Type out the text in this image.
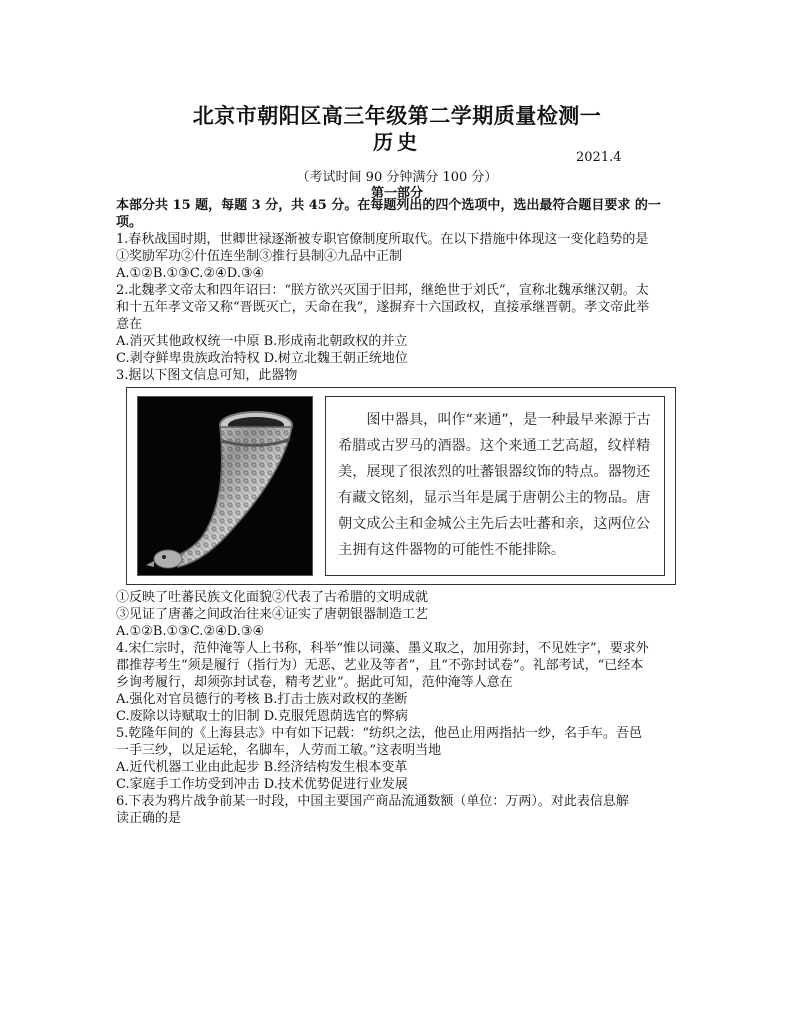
北京市朝阳区高三年级第二学期质量检测一
历史
2021.4
（考试时间 90 分钟满分 100 分）
第一部分

本部分共 15 题，每题 3 分，共 45 分。在每题列出的四个选项中，选出最符合题目要求 的一

项。

1.春秋战国时期，世卿世禄逐渐被专职官僚制度所取代。在以下措施中体现这一变化趋势的是

①奖励军功②什伍连坐制③推行县制④九品中正制

A.①②B.①③C.②④D.③④

2.北魏孝文帝太和四年诏曰：“朕方欲兴灭国于旧邦，继绝世于刘氏”，宣称北魏承继汉朝。太

和十五年孝文帝又称“晋既灭亡，天命在我”，遂摒弃十六国政权，直接承继晋朝。孝文帝此举

意在

A.消灭其他政权统一中原 B.形成南北朝政权的并立

C.剥夺鲜卑贵族政治特权 D.树立北魏王朝正统地位

3.据以下图文信息可知，此器物

图中器具，叫作“来通”，是一种最早来源于古希腊或古罗马的酒器。这个来通工艺高超，纹样精美，展现了很浓烈的吐蕃银器纹饰的特点。器物还有藏文铭刻，显示当年是属于唐朝公主的物品。唐朝文成公主和金城公主先后去吐蕃和亲，这两位公主拥有这件器物的可能性不能排除。

①反映了吐蕃民族文化面貌②代表了古希腊的文明成就

③见证了唐蕃之间政治往来④证实了唐朝银器制造工艺

A.①②B.①③C.②④D.③④

4.宋仁宗时，范仲淹等人上书称，科举“惟以词藻、墨义取之，加用弥封，不见姓字”，要求外

郡推荐考生“须是履行（指行为）无恶、艺业及等者”，且“不弥封试卷”。礼部考试，“已经本

乡询考履行，却须弥封试卷，精考艺业”。据此可知，范仲淹等人意在

A.强化对官员德行的考核 B.打击士族对政权的垄断

C.废除以诗赋取士的旧制 D.克服凭恩荫选官的弊病

5.乾隆年间的《上海县志》中有如下记载：“纺织之法，他邑止用两指拈一纱，名手车。吾邑

一手三纱，以足运轮，名脚车，人劳而工敏。”这表明当地

A.近代机器工业由此起步 B.经济结构发生根本变革

C.家庭手工作坊受到冲击 D.技术优势促进行业发展

6.下表为鸦片战争前某一时段，中国主要国产商品流通数额（单位：万两）。对此表信息解

读正确的是
